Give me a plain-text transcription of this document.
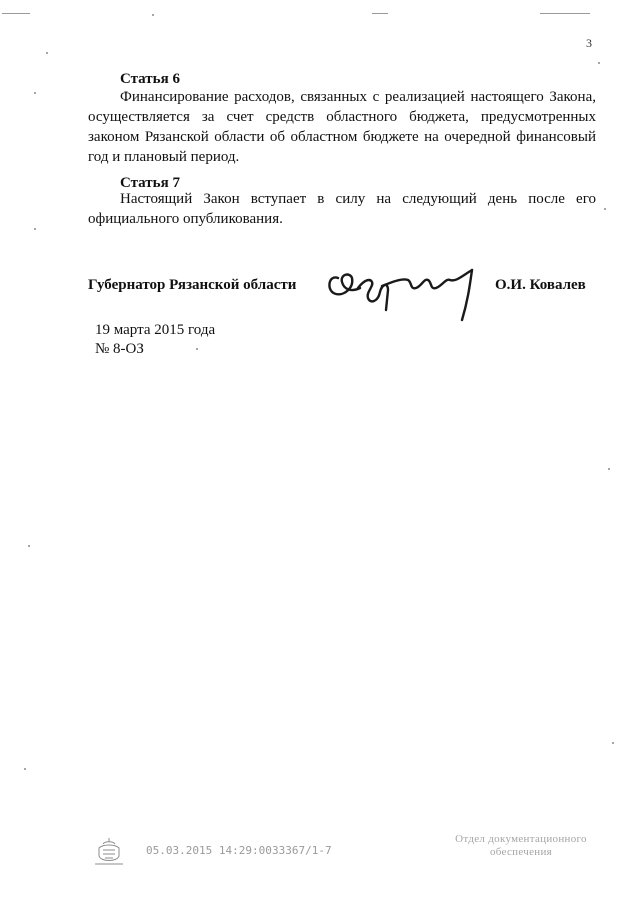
3
Статья 6

Финансирование расходов, связанных с реализацией настоящего Закона, осуществляется за счет средств областного бюджета, предусмотренных законом Рязанской области об областном бюджете на очередной финансовый год и плановый период.

Статья 7

Настоящий Закон вступает в силу на следующий день после его официального опубликования.

Губернатор Рязанской области	О.И. Ковалев
19 марта 2015 года
№ 8-ОЗ
05.03.2015 14:29:00 33367/1-7
Отдел документационного обеспечения
